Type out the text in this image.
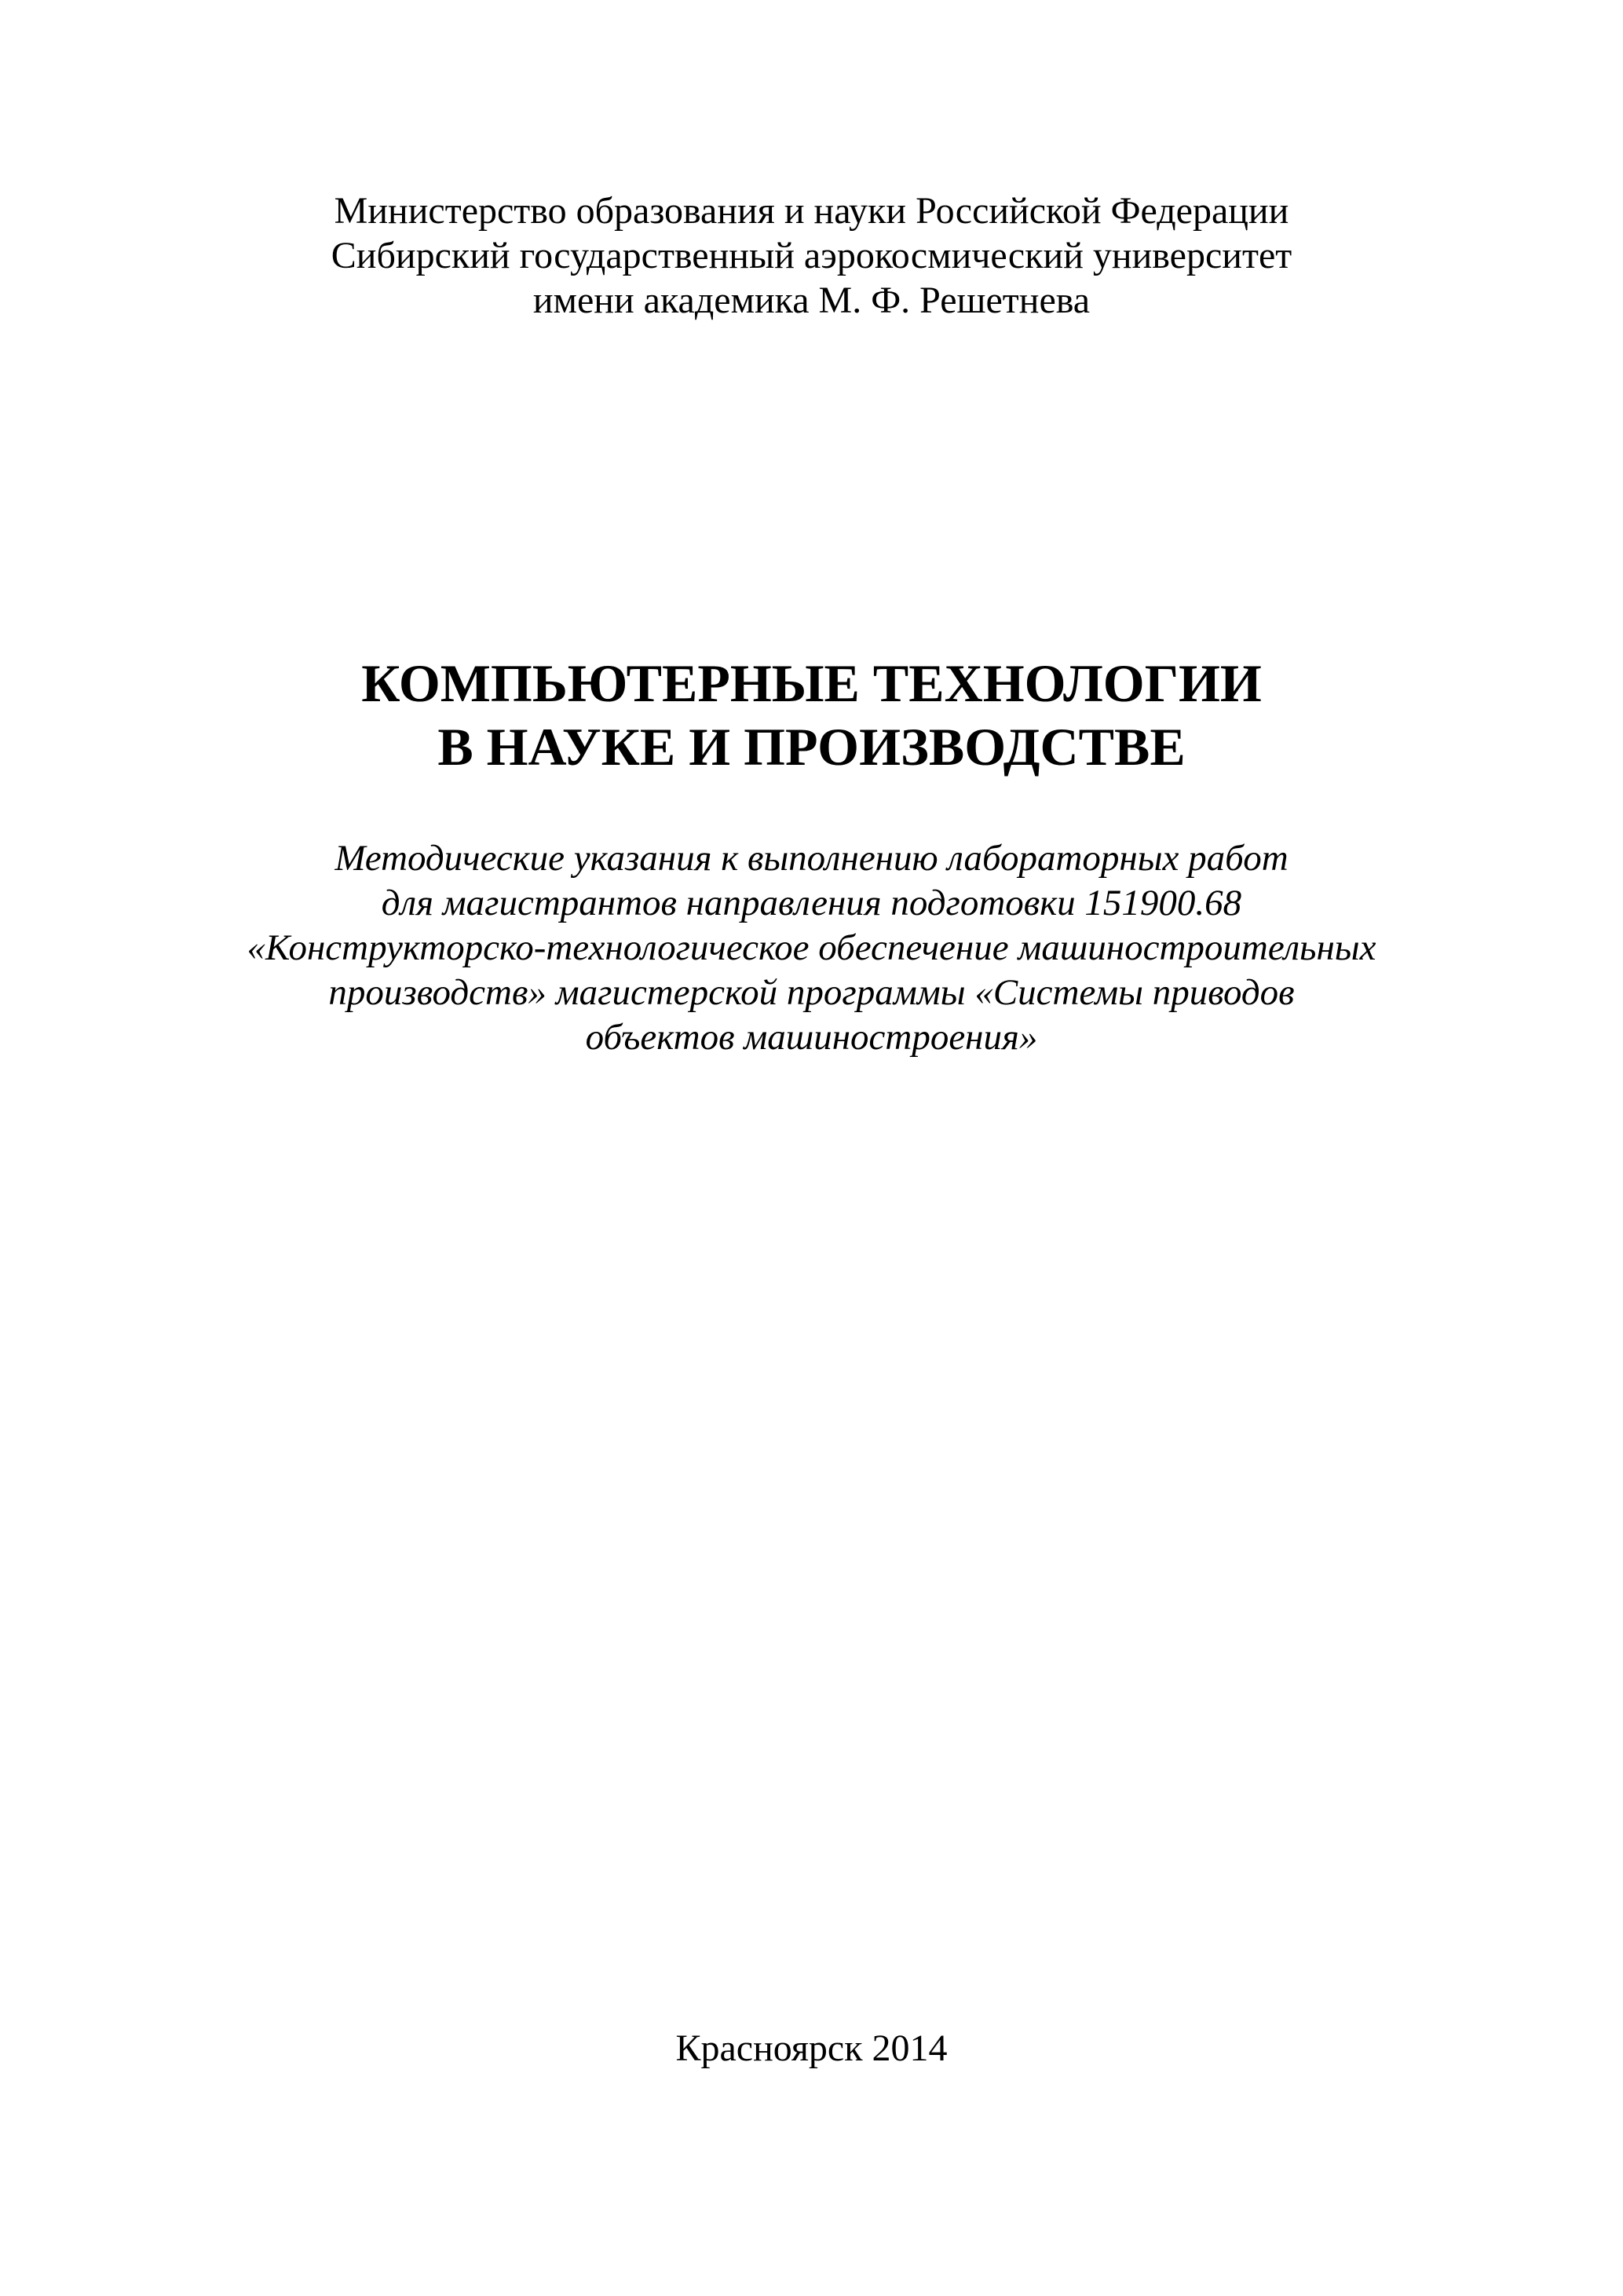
Министерство образования и науки Российской Федерации
Сибирский государственный аэрокосмический университет
имени академика М. Ф. Решетнева
КОМПЬЮТЕРНЫЕ ТЕХНОЛОГИИ
В НАУКЕ И ПРОИЗВОДСТВЕ
Методические указания к выполнению лабораторных работ
для магистрантов направления подготовки 151900.68
«Конструкторско-технологическое обеспечение машиностроительных
производств» магистерской программы «Системы приводов
объектов машиностроения»
Красноярск 2014
